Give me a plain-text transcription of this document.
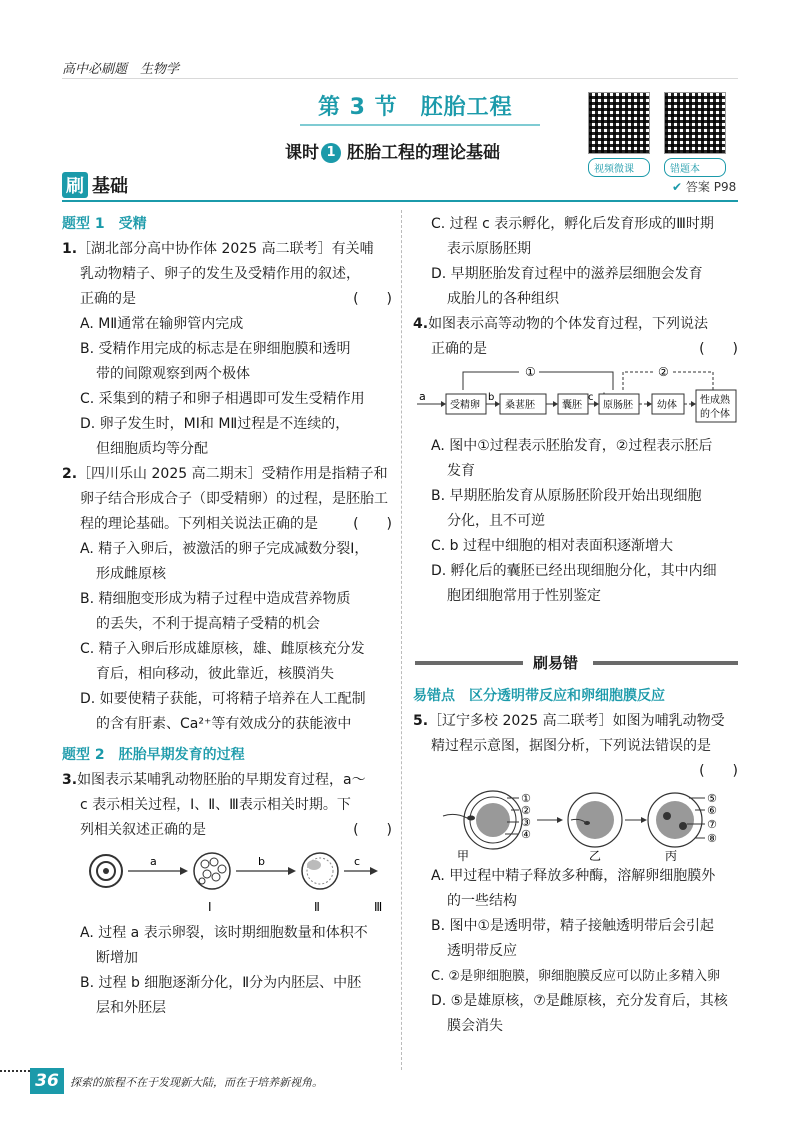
高中必刷题　生物学
第 3 节　胚胎工程
课时 1 胚胎工程的理论基础
视频微课	错题本
刷 基础	✔ 答案 P98

题型 1　受精

1.［湖北部分高中协作体 2025 高二联考］有关哺

乳动物精子、卵子的发生及受精作用的叙述，

正确的是	(　　)

A. MⅡ通常在输卵管内完成

B. 受精作用完成的标志是在卵细胞膜和透明

带的间隙观察到两个极体

C. 采集到的精子和卵子相遇即可发生受精作用

D. 卵子发生时，MⅠ和 MⅡ过程是不连续的，

但细胞质均等分配

2.［四川乐山 2025 高二期末］受精作用是指精子和

卵子结合形成合子（即受精卵）的过程，是胚胎工

程的理论基础。下列相关说法正确的是	(　　)

A. 精子入卵后，被激活的卵子完成减数分裂Ⅰ，

形成雌原核

B. 精细胞变形成为精子过程中造成营养物质

的丢失，不利于提高精子受精的机会

C. 精子入卵后形成雄原核，雄、雌原核充分发

育后，相向移动，彼此靠近，核膜消失

D. 如要使精子获能，可将精子培养在人工配制

的含有肝素、Ca²⁺等有效成分的获能液中

题型 2　胚胎早期发育的过程

3.如图表示某哺乳动物胚胎的早期发育过程，a～

c 表示相关过程，Ⅰ、Ⅱ、Ⅲ表示相关时期。下

列相关叙述正确的是	(　　)

a	b	c
Ⅰ	Ⅱ	Ⅲ

A. 过程 a 表示卵裂，该时期细胞数量和体积不

断增加

B. 过程 b 细胞逐渐分化，Ⅱ分为内胚层、中胚

层和外胚层

C. 过程 c 表示孵化，孵化后发育形成的Ⅲ时期

表示原肠胚期

D. 早期胚胎发育过程中的滋养层细胞会发育

成胎儿的各种组织

4.如图表示高等动物的个体发育过程，下列说法

正确的是	(　　)

①	②
a
受精卵
b
桑葚胚	囊胚
c
原肠胚 幼体 性成熟
的个体

A. 图中①过程表示胚胎发育，②过程表示胚后

发育

B. 早期胚胎发育从原肠胚阶段开始出现细胞

分化，且不可逆

C. b 过程中细胞的相对表面积逐渐增大

D. 孵化后的囊胚已经出现细胞分化，其中内细

胞团细胞常用于性别鉴定

刷易错

易错点　区分透明带反应和卵细胞膜反应

5.［辽宁多校 2025 高二联考］如图为哺乳动物受

精过程示意图，据图分析，下列说法错误的是

(　　)

①
②
③
④
⑤
⑥
⑦
⑧
甲	乙	丙

A. 甲过程中精子释放多种酶，溶解卵细胞膜外

的一些结构

B. 图中①是透明带，精子接触透明带后会引起

透明带反应

C. ②是卵细胞膜，卵细胞膜反应可以防止多精入卵

D. ⑤是雄原核，⑦是雌原核，充分发育后，其核

膜会消失

36	探索的旅程不在于发现新大陆，而在于培养新视角。
